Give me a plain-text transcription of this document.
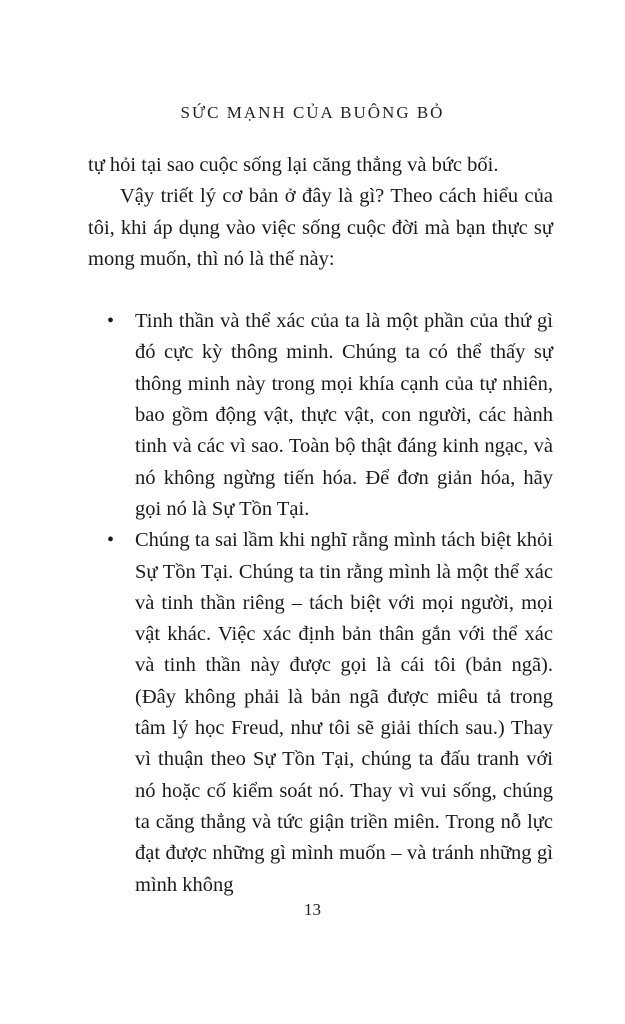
SỨC MẠNH CỦA BUÔNG BỎ

tự hỏi tại sao cuộc sống lại căng thẳng và bức bối.

Vậy triết lý cơ bản ở đây là gì? Theo cách hiểu của tôi, khi áp dụng vào việc sống cuộc đời mà bạn thực sự mong muốn, thì nó là thế này:

• Tinh thần và thể xác của ta là một phần của thứ gì đó cực kỳ thông minh. Chúng ta có thể thấy sự thông minh này trong mọi khía cạnh của tự nhiên, bao gồm động vật, thực vật, con người, các hành tinh và các vì sao. Toàn bộ thật đáng kinh ngạc, và nó không ngừng tiến hóa. Để đơn giản hóa, hãy gọi nó là Sự Tồn Tại.
• Chúng ta sai lầm khi nghĩ rằng mình tách biệt khỏi Sự Tồn Tại. Chúng ta tin rằng mình là một thể xác và tinh thần riêng – tách biệt với mọi người, mọi vật khác. Việc xác định bản thân gắn với thể xác và tinh thần này được gọi là cái tôi (bản ngã). (Đây không phải là bản ngã được miêu tả trong tâm lý học Freud, như tôi sẽ giải thích sau.) Thay vì thuận theo Sự Tồn Tại, chúng ta đấu tranh với nó hoặc cố kiểm soát nó. Thay vì vui sống, chúng ta căng thẳng và tức giận triền miên. Trong nỗ lực đạt được những gì mình muốn – và tránh những gì mình không
13
